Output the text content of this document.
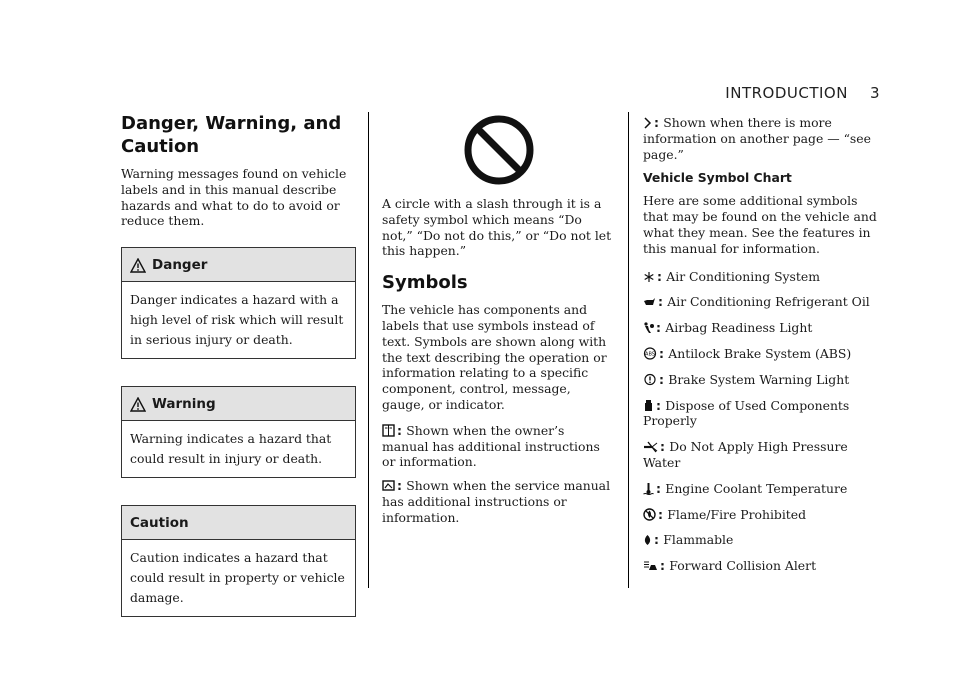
INTRODUCTION 3
Danger, Warning, and Caution

Warning messages found on vehicle labels and in this manual describe hazards and what to do to avoid or reduce them.

Danger
Danger indicates a hazard with a high level of risk which will result in serious injury or death.
Warning
Warning indicates a hazard that could result in injury or death.
Caution
Caution indicates a hazard that could result in property or vehicle damage.

A circle with a slash through it is a safety symbol which means “Do not,” “Do not do this,” or “Do not let this happen.”

Symbols

The vehicle has components and labels that use symbols instead of text. Symbols are shown along with the text describing the operation or information relating to a specific component, control, message, gauge, or indicator.

: Shown when the owner’s manual has additional instructions or information.

: Shown when the service manual has additional instructions or information.

: Shown when there is more information on another page — “see page.”

Vehicle Symbol Chart

Here are some additional symbols that may be found on the vehicle and what they mean. See the features in this manual for information.

: Air Conditioning System
: Air Conditioning Refrigerant Oil
: Airbag Readiness Light
ABS : Antilock Brake System (ABS)
: Brake System Warning Light
: Dispose of Used Components Properly
: Do Not Apply High Pressure Water
: Engine Coolant Temperature
: Flame/Fire Prohibited
: Flammable
: Forward Collision Alert
